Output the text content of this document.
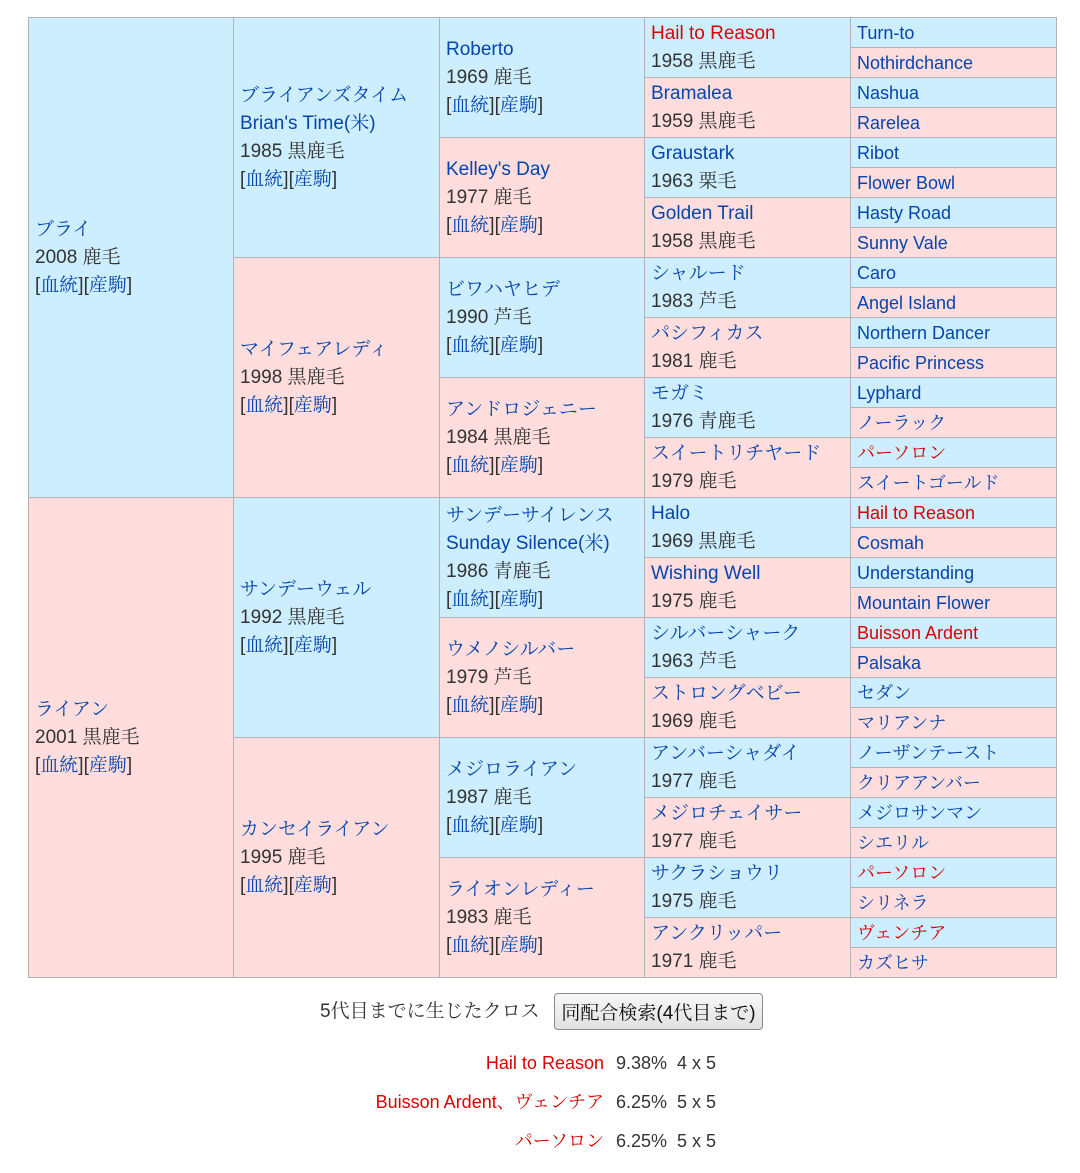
ブライ
2008 鹿毛
[血統][産駒]
ライアン
2001 黒鹿毛
[血統][産駒]
ブライアンズタイム
Brian's Time(米)
1985 黒鹿毛
[血統][産駒]
マイフェアレディ
1998 黒鹿毛
[血統][産駒]
サンデーウェル
1992 黒鹿毛
[血統][産駒]
カンセイライアン
1995 鹿毛
[血統][産駒]
Roberto
1969 鹿毛
[血統][産駒]
Kelley's Day
1977 鹿毛
[血統][産駒]
ビワハヤヒデ
1990 芦毛
[血統][産駒]
アンドロジェニー
1984 黒鹿毛
[血統][産駒]
サンデーサイレンス
Sunday Silence(米)
1986 青鹿毛
[血統][産駒]
ウメノシルバー
1979 芦毛
[血統][産駒]
メジロライアン
1987 鹿毛
[血統][産駒]
ライオンレディー
1983 鹿毛
[血統][産駒]
Hail to Reason
1958 黒鹿毛
Bramalea
1959 黒鹿毛
Graustark
1963 栗毛
Golden Trail
1958 黒鹿毛
シャルード
1983 芦毛
パシフィカス
1981 鹿毛
モガミ
1976 青鹿毛
スイートリチヤード
1979 鹿毛
Halo
1969 黒鹿毛
Wishing Well
1975 鹿毛
シルバーシャーク
1963 芦毛
ストロングベビー
1969 鹿毛
アンバーシャダイ
1977 鹿毛
メジロチェイサー
1977 鹿毛
サクラショウリ
1975 鹿毛
アンクリッパー
1971 鹿毛
Turn-to
Nothirdchance
Nashua
Rarelea
Ribot
Flower Bowl
Hasty Road
Sunny Vale
Caro
Angel Island
Northern Dancer
Pacific Princess
Lyphard
ノーラック
パーソロン
スイートゴールド
Hail to Reason
Cosmah
Understanding
Mountain Flower
Buisson Ardent
Palsaka
セダン
マリアンナ
ノーザンテースト
クリアアンバー
メジロサンマン
シエリル
パーソロン
シリネラ
ヴェンチア
カズヒサ
5代目までに生じたクロス	同配合検索(4代目まで)
Hail to Reason 9.38% 4 x 5
Buisson Ardent、ヴェンチア 6.25% 5 x 5
パーソロン 6.25% 5 x 5
